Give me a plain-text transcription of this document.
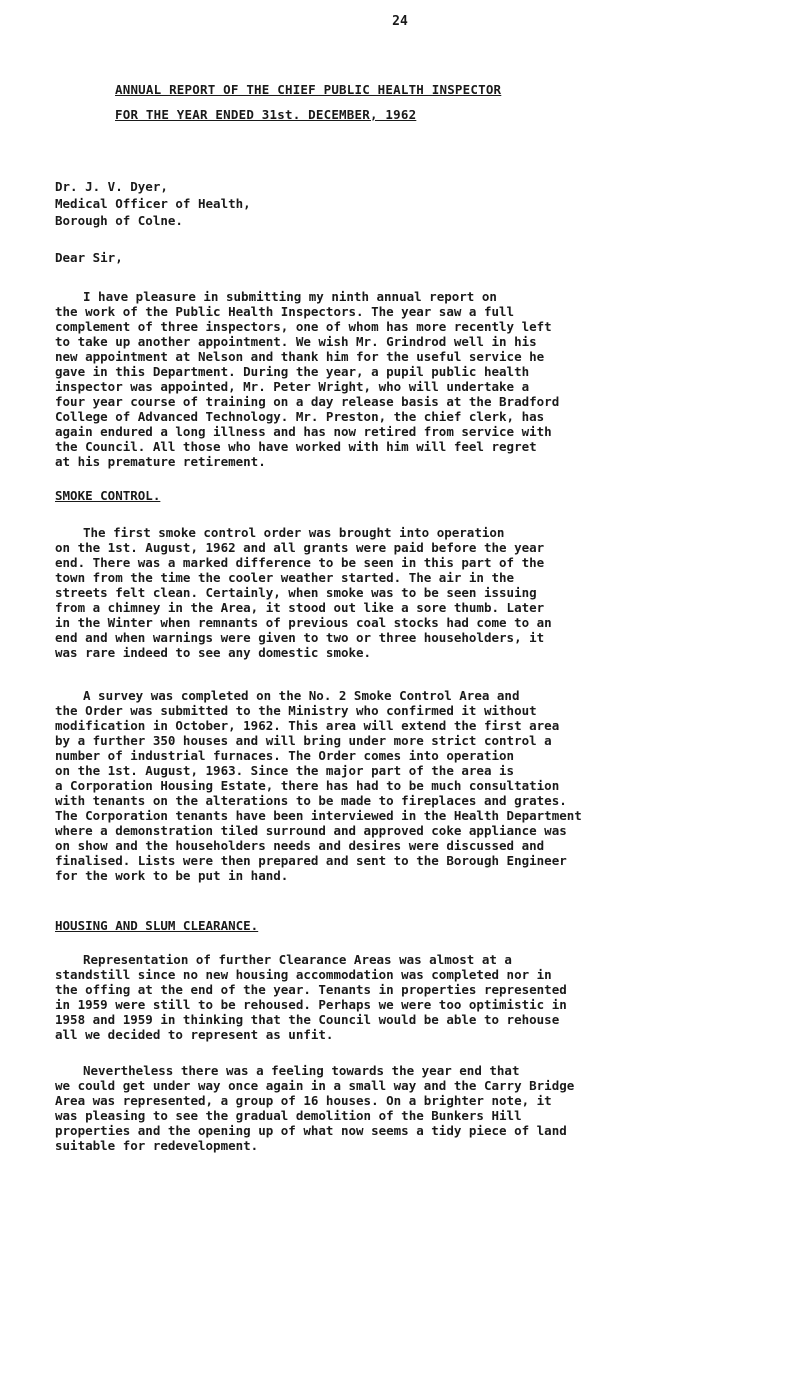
24
ANNUAL REPORT OF THE CHIEF PUBLIC HEALTH INSPECTOR
FOR THE YEAR ENDED 31st. DECEMBER, 1962
Dr. J. V. Dyer,
Medical Officer of Health,
Borough of Colne.
Dear Sir,
I have pleasure in submitting my ninth annual report on
the work of the Public Health Inspectors. The year saw a full
complement of three inspectors, one of whom has more recently left
to take up another appointment. We wish Mr. Grindrod well in his
new appointment at Nelson and thank him for the useful service he
gave in this Department. During the year, a pupil public health
inspector was appointed, Mr. Peter Wright, who will undertake a
four year course of training on a day release basis at the Bradford
College of Advanced Technology. Mr. Preston, the chief clerk, has
again endured a long illness and has now retired from service with
the Council. All those who have worked with him will feel regret
at his premature retirement.
SMOKE CONTROL.
The first smoke control order was brought into operation
on the 1st. August, 1962 and all grants were paid before the year
end. There was a marked difference to be seen in this part of the
town from the time the cooler weather started. The air in the
streets felt clean. Certainly, when smoke was to be seen issuing
from a chimney in the Area, it stood out like a sore thumb. Later
in the Winter when remnants of previous coal stocks had come to an
end and when warnings were given to two or three householders, it
was rare indeed to see any domestic smoke.
A survey was completed on the No. 2 Smoke Control Area and
the Order was submitted to the Ministry who confirmed it without
modification in October, 1962. This area will extend the first area
by a further 350 houses and will bring under more strict control a
number of industrial furnaces. The Order comes into operation
on the 1st. August, 1963. Since the major part of the area is
a Corporation Housing Estate, there has had to be much consultation
with tenants on the alterations to be made to fireplaces and grates.
The Corporation tenants have been interviewed in the Health Department
where a demonstration tiled surround and approved coke appliance was
on show and the householders needs and desires were discussed and
finalised. Lists were then prepared and sent to the Borough Engineer
for the work to be put in hand.
HOUSING AND SLUM CLEARANCE.
Representation of further Clearance Areas was almost at a
standstill since no new housing accommodation was completed nor in
the offing at the end of the year. Tenants in properties represented
in 1959 were still to be rehoused. Perhaps we were too optimistic in
1958 and 1959 in thinking that the Council would be able to rehouse
all we decided to represent as unfit.
Nevertheless there was a feeling towards the year end that
we could get under way once again in a small way and the Carry Bridge
Area was represented, a group of 16 houses. On a brighter note, it
was pleasing to see the gradual demolition of the Bunkers Hill
properties and the opening up of what now seems a tidy piece of land
suitable for redevelopment.
